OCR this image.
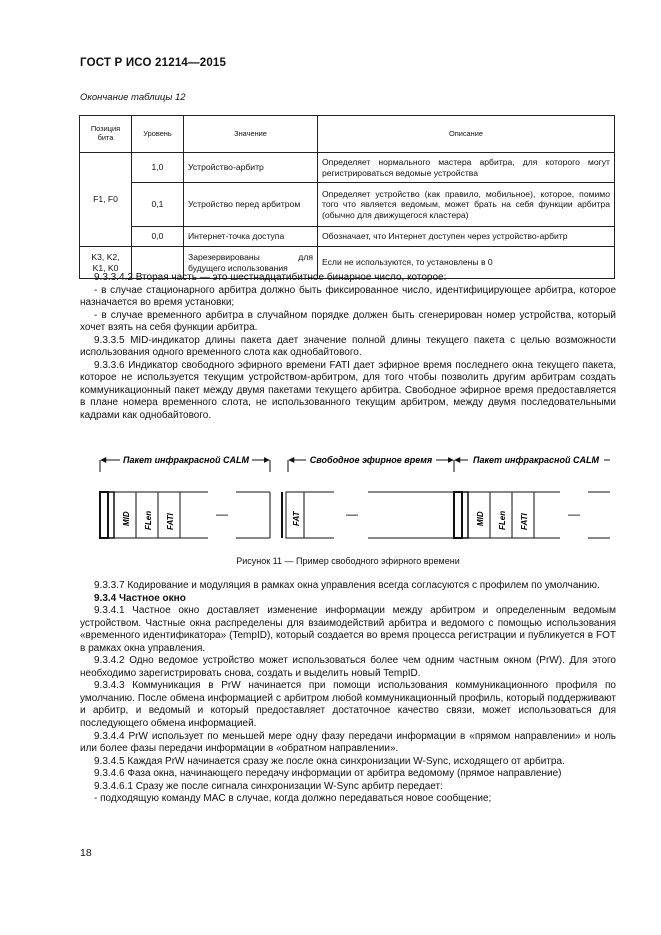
ГОСТ Р ИСО 21214—2015
Окончание таблицы 12
Позиция бита	Уровень	Значение	Описание
F1, F0	1,0	Устройство-арбитр	Определяет нормального мастера арбитра, для которого могут регистрироваться ведомые устройства
	0,1	Устройство перед арбитром	Определяет устройство (как правило, мобильное), которое, помимо того что является ведомым, может брать на себя функции арбитра (обычно для движущегося кластера)
	0,0	Интернет-точка доступа	Обозначает, что Интернет доступен через устройство-арбитр
K3, K2, K1, K0		Зарезервированы для будущего использования	Если не используются, то установлены в 0

9.3.3.4.2 Вторая часть — это шестнадцатибитное бинарное число, которое:

- в случае стационарного арбитра должно быть фиксированное число, идентифицирующее арбитра, которое назначается во время установки;

- в случае временного арбитра в случайном порядке должен быть сгенерирован номер устройства, который хочет взять на себя функции арбитра.

9.3.3.5 MID-индикатор длины пакета дает значение полной длины текущего пакета с целью возможности использования одного временного слота как однобайтового.

9.3.3.6 Индикатор свободного эфирного времени FATI дает эфирное время последнего окна текущего пакета, которое не используется текущим устройством-арбитром, для того чтобы позволить другим арбитрам создать коммуникационный пакет между двумя пакетами текущего арбитра. Свободное эфирное время предоставляется в плане номера временного слота, не использованного текущим арбитром, между двумя последовательными кадрами как однобайтового.

Пакет инфракрасной CALM	Свободное эфирное время	Пакет инфракрасной CALM
MID FLen FATI	—	FAT	—	MID FLen FATI	—
Рисунок 11 — Пример свободного эфирного времени

9.3.3.7 Кодирование и модуляция в рамках окна управления всегда согласуются с профилем по умолчанию.

9.3.4 Частное окно

9.3.4.1 Частное окно доставляет изменение информации между арбитром и определенным ведомым устройством. Частные окна распределены для взаимодействий арбитра и ведомого с помощью использования «временного идентификатора» (TempID), который создается во время процесса регистрации и публикуется в FOT в рамках окна управления.

9.3.4.2 Одно ведомое устройство может использоваться более чем одним частным окном (PrW). Для этого необходимо зарегистрировать снова, создать и выделить новый TempID.

9.3.4.3 Коммуникация в PrW начинается при помощи использования коммуникационного профиля по умолчанию. После обмена информацией с арбитром любой коммуникационный профиль, который поддерживают и арбитр, и ведомый и который предоставляет достаточное качество связи, может использоваться для последующего обмена информацией.

9.3.4.4 PrW использует по меньшей мере одну фазу передачи информации в «прямом направлении» и ноль или более фазы передачи информации в «обратном направлении».

9.3.4.5 Каждая PrW начинается сразу же после окна синхронизации W-Sync, исходящего от арбитра.

9.3.4.6 Фаза окна, начинающего передачу информации от арбитра ведомому (прямое направление)

9.3.4.6.1 Сразу же после сигнала синхронизации W-Sync арбитр передает:

- подходящую команду MAC в случае, когда должно передаваться новое сообщение;

18
